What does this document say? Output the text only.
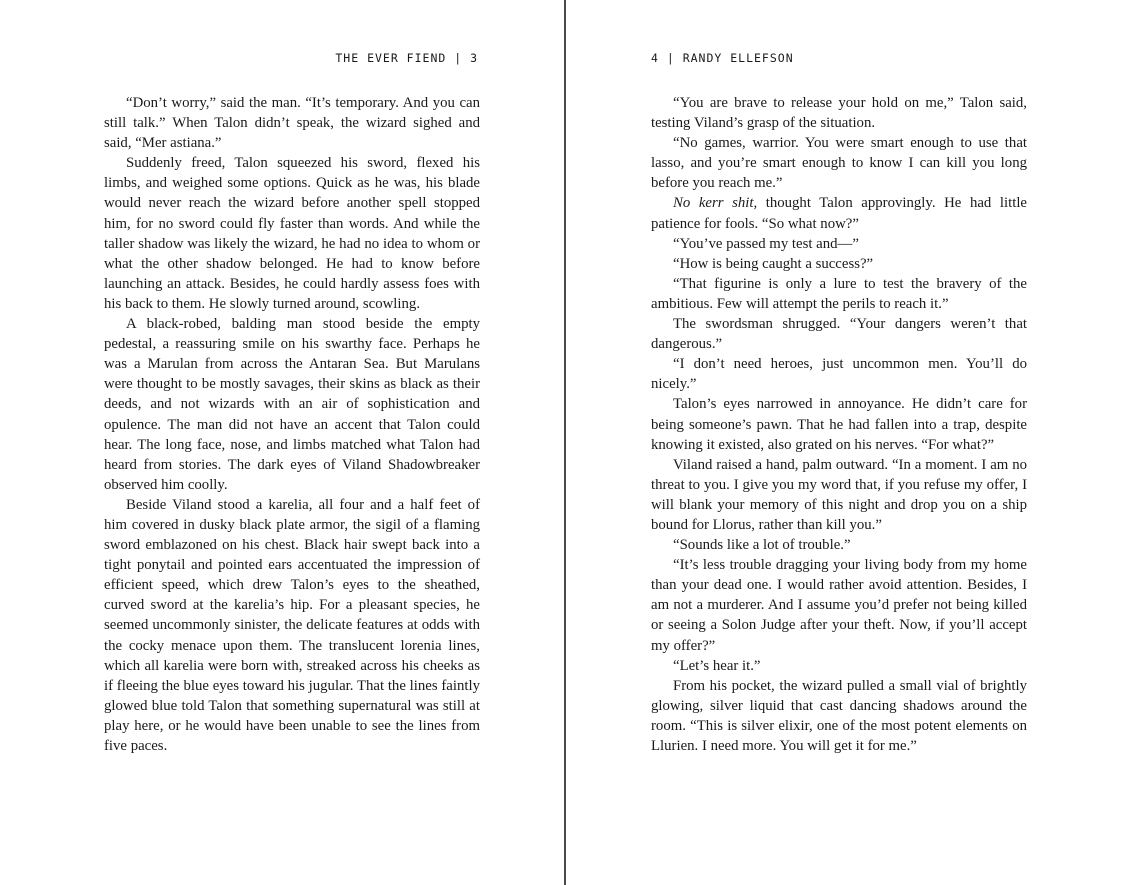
THE EVER FIEND | 3

“Don’t worry,” said the man. “It’s temporary. And you can still talk.” When Talon didn’t speak, the wizard sighed and said, “Mer astiana.”

Suddenly freed, Talon squeezed his sword, flexed his limbs, and weighed some options. Quick as he was, his blade would never reach the wizard before another spell stopped him, for no sword could fly faster than words. And while the taller shadow was likely the wizard, he had no idea to whom or what the other shadow belonged. He had to know before launching an attack. Besides, he could hardly assess foes with his back to them. He slowly turned around, scowling.

A black-robed, balding man stood beside the empty pedestal, a reassuring smile on his swarthy face. Perhaps he was a Marulan from across the Antaran Sea. But Marulans were thought to be mostly savages, their skins as black as their deeds, and not wizards with an air of sophistication and opulence. The man did not have an accent that Talon could hear. The long face, nose, and limbs matched what Talon had heard from stories. The dark eyes of Viland Shadowbreaker observed him coolly.

Beside Viland stood a karelia, all four and a half feet of him covered in dusky black plate armor, the sigil of a flaming sword emblazoned on his chest. Black hair swept back into a tight ponytail and pointed ears accentuated the impression of efficient speed, which drew Talon’s eyes to the sheathed, curved sword at the karelia’s hip. For a pleasant species, he seemed uncommonly sinister, the delicate features at odds with the cocky menace upon them. The translucent lorenia lines, which all karelia were born with, streaked across his cheeks as if fleeing the blue eyes toward his jugular. That the lines faintly glowed blue told Talon that something supernatural was still at play here, or he would have been unable to see the lines from five paces.

4 | RANDY ELLEFSON

“You are brave to release your hold on me,” Talon said, testing Viland’s grasp of the situation.

“No games, warrior. You were smart enough to use that lasso, and you’re smart enough to know I can kill you long before you reach me.”

No kerr shit, thought Talon approvingly. He had little patience for fools. “So what now?”

“You’ve passed my test and—”

“How is being caught a success?”

“That figurine is only a lure to test the bravery of the ambitious. Few will attempt the perils to reach it.”

The swordsman shrugged. “Your dangers weren’t that dangerous.”

“I don’t need heroes, just uncommon men. You’ll do nicely.”

Talon’s eyes narrowed in annoyance. He didn’t care for being someone’s pawn. That he had fallen into a trap, despite knowing it existed, also grated on his nerves. “For what?”

Viland raised a hand, palm outward. “In a moment. I am no threat to you. I give you my word that, if you refuse my offer, I will blank your memory of this night and drop you on a ship bound for Llorus, rather than kill you.”

“Sounds like a lot of trouble.”

“It’s less trouble dragging your living body from my home than your dead one. I would rather avoid attention. Besides, I am not a murderer. And I assume you’d prefer not being killed or seeing a Solon Judge after your theft. Now, if you’ll accept my offer?”

“Let’s hear it.”

From his pocket, the wizard pulled a small vial of brightly glowing, silver liquid that cast dancing shadows around the room. “This is silver elixir, one of the most potent elements on Llurien. I need more. You will get it for me.”
